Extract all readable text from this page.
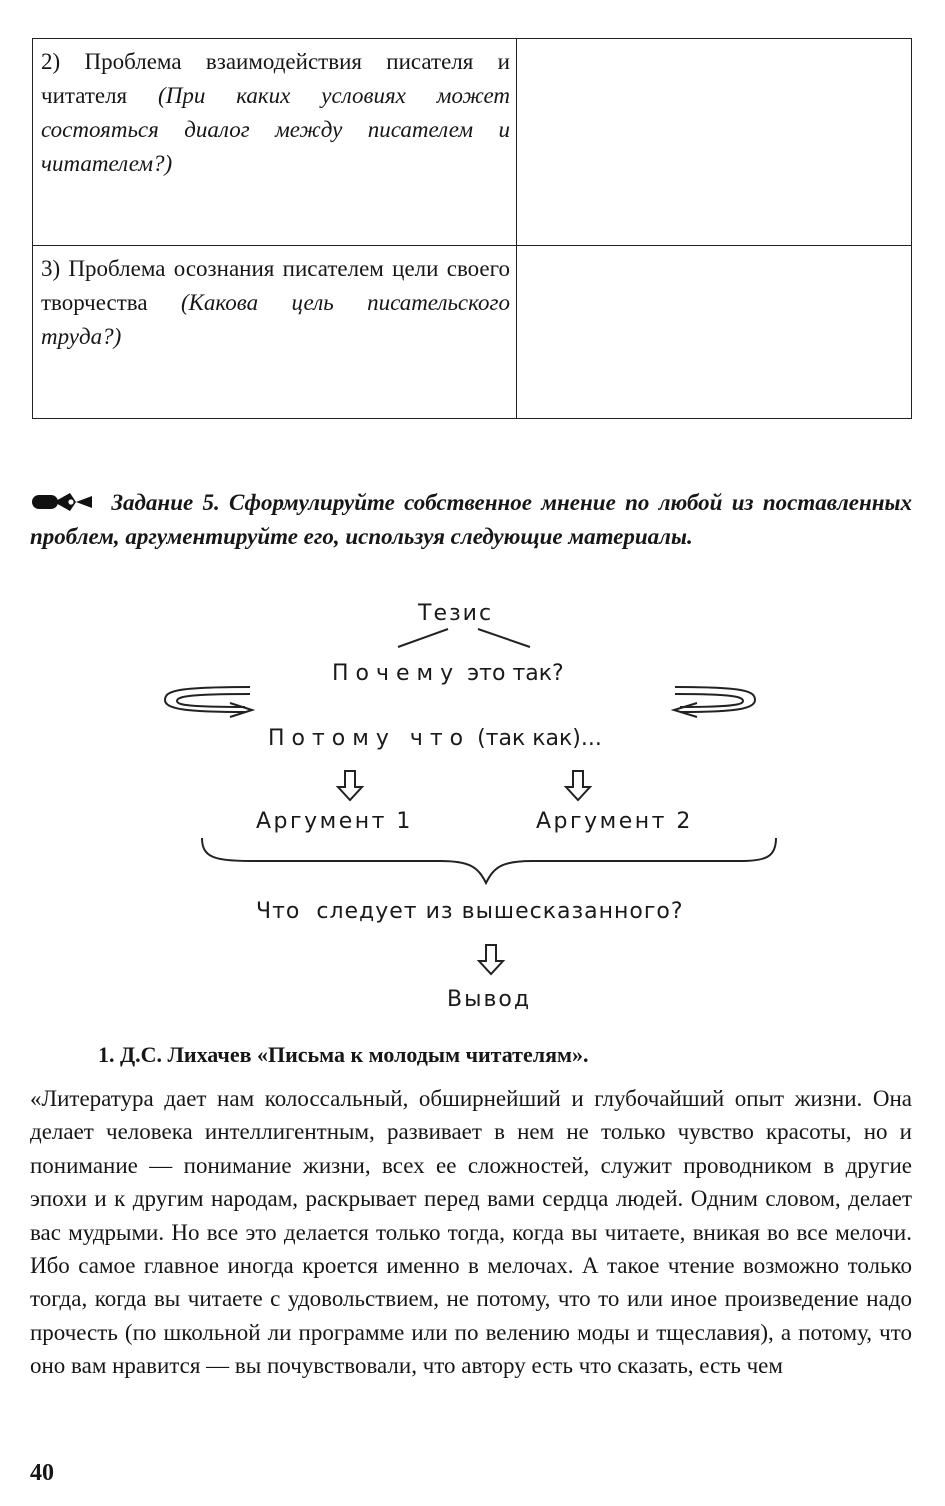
2) Проблема взаимодействия писателя и читателя (При каких условиях может состояться диалог между писателем и читателем?)	

3) Проблема осознания писателем цели своего творчества (Какова цель писательского труда?)	

Задание 5. Сформулируйте собственное мнение по любой из поставленных проблем, аргументируйте его, используя следующие материалы.
Тезис
П о ч е м у  это так?
П о т о м у   ч т о  (так как)...
Аргумент 1	Аргумент 2
Что  следует из вышесказанного?
Вывод
1. Д.С. Лихачев «Письма к молодым читателям».
«Литература дает нам колоссальный, обширнейший и глубочайший опыт жизни. Она делает человека интеллигентным, развивает в нем не только чувство красоты, но и понимание — понимание жизни, всех ее сложностей, служит проводником в другие эпохи и к другим народам, раскрывает перед вами сердца людей. Одним словом, делает вас мудрыми. Но все это делается только тогда, когда вы читаете, вникая во все мелочи. Ибо самое главное иногда кроется именно в мелочах. А такое чтение возможно только тогда, когда вы читаете с удовольствием, не потому, что то или иное произведение надо прочесть (по школьной ли программе или по велению моды и тщеславия), а потому, что оно вам нравится — вы почувствовали, что автору есть что сказать, есть чем
40
